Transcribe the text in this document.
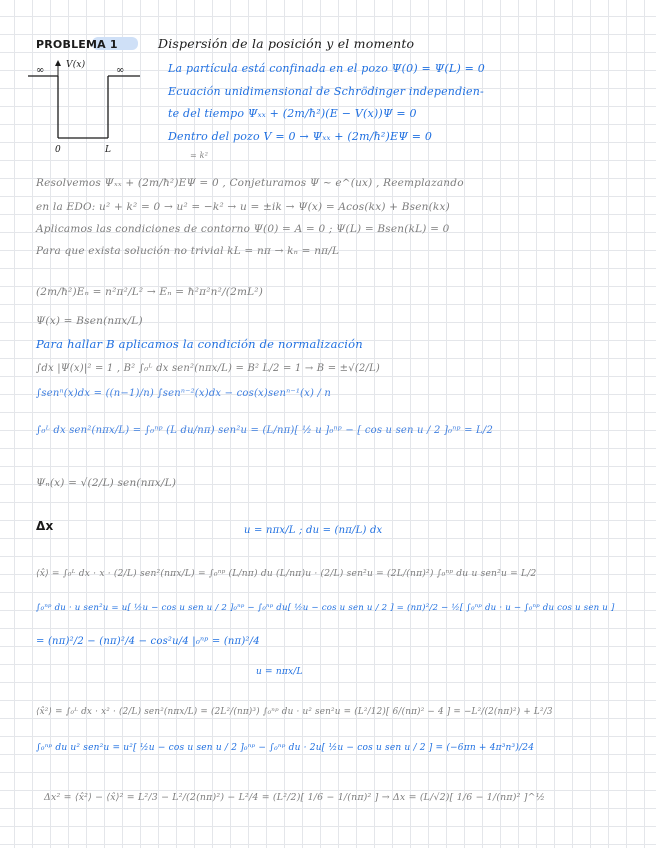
PROBLEMA 1	Dispersión de la posición y el momento
V(x)
∞	∞
0	L
La partícula está confinada en el pozo Ψ(0) = Ψ(L) = 0
Ecuación unidimensional de Schrödinger independien-
te del tiempo Ψₓₓ + (2m/ħ²)(E − V(x))Ψ = 0
Dentro del pozo V = 0 → Ψₓₓ + (2m/ħ²)EΨ = 0
= k²
Resolvemos Ψₓₓ + (2m/ħ²)EΨ = 0 , Conjeturamos Ψ ~ e^(ux) , Reemplazando
en la EDO: u² + k² = 0 → u² = −k² → u = ±ik → Ψ(x) = Acos(kx) + Bsen(kx)
Aplicamos las condiciones de contorno Ψ(0) = A = 0 ; Ψ(L) = Bsen(kL) = 0
Para que exista solución no trivial kL = nπ → kₙ = nπ/L
(2m/ħ²)Eₙ = n²π²/L² → Eₙ = ħ²π²n²/(2mL²)
Ψ(x) = Bsen(nπx/L)
Para hallar B aplicamos la condición de normalización
∫dx |Ψ(x)|² = 1 , B² ∫₀ᴸ dx sen²(nπx/L) = B² L/2 = 1 → B = ±√(2/L)
∫senⁿ(x)dx = ((n−1)/n) ∫senⁿ⁻²(x)dx − cos(x)senⁿ⁻¹(x) / n
∫₀ᴸ dx sen²(nπx/L) = ∫₀ⁿᵖ (L du/nπ) sen²u = (L/nπ)[ ½ u ]₀ⁿᵖ − [ cos u sen u / 2 ]₀ⁿᵖ = L/2
Ψₙ(x) = √(2/L) sen(nπx/L)
Δx	u = nπx/L ; du = (nπ/L) dx
⟨x̂⟩ = ∫₀ᴸ dx · x · (2/L) sen²(nπx/L) = ∫₀ⁿᵖ (L/nπ) du (L/nπ)u · (2/L) sen²u = (2L/(nπ)²) ∫₀ⁿᵖ du u sen²u = L/2
∫₀ⁿᵖ du · u sen²u = u[ ½u − cos u sen u / 2 ]₀ⁿᵖ − ∫₀ⁿᵖ du[ ½u − cos u sen u / 2 ] = (nπ)²/2 − ½[ ∫₀ⁿᵖ du · u − ∫₀ⁿᵖ du cos u sen u ]
= (nπ)²/2 − (nπ)²/4 − cos²u/4 |₀ⁿᵖ = (nπ)²/4
u = nπx/L
⟨x̂²⟩ = ∫₀ᴸ dx · x² · (2/L) sen²(nπx/L) = (2L²/(nπ)³) ∫₀ⁿᵖ du · u² sen²u = (L²/12)[ 6/(nπ)² − 4 ] = −L²/(2(nπ)²) + L²/3
∫₀ⁿᵖ du u² sen²u = u²[ ½u − cos u sen u / 2 ]₀ⁿᵖ − ∫₀ⁿᵖ du · 2u[ ½u − cos u sen u / 2 ] = (−6πn + 4π³n³)/24
Δx² = ⟨x̂²⟩ − ⟨x̂⟩² = L²/3 − L²/(2(nπ)²) − L²/4 = (L²/2)[ 1/6 − 1/(nπ)² ] → Δx = (L/√2)[ 1/6 − 1/(nπ)² ]^½
